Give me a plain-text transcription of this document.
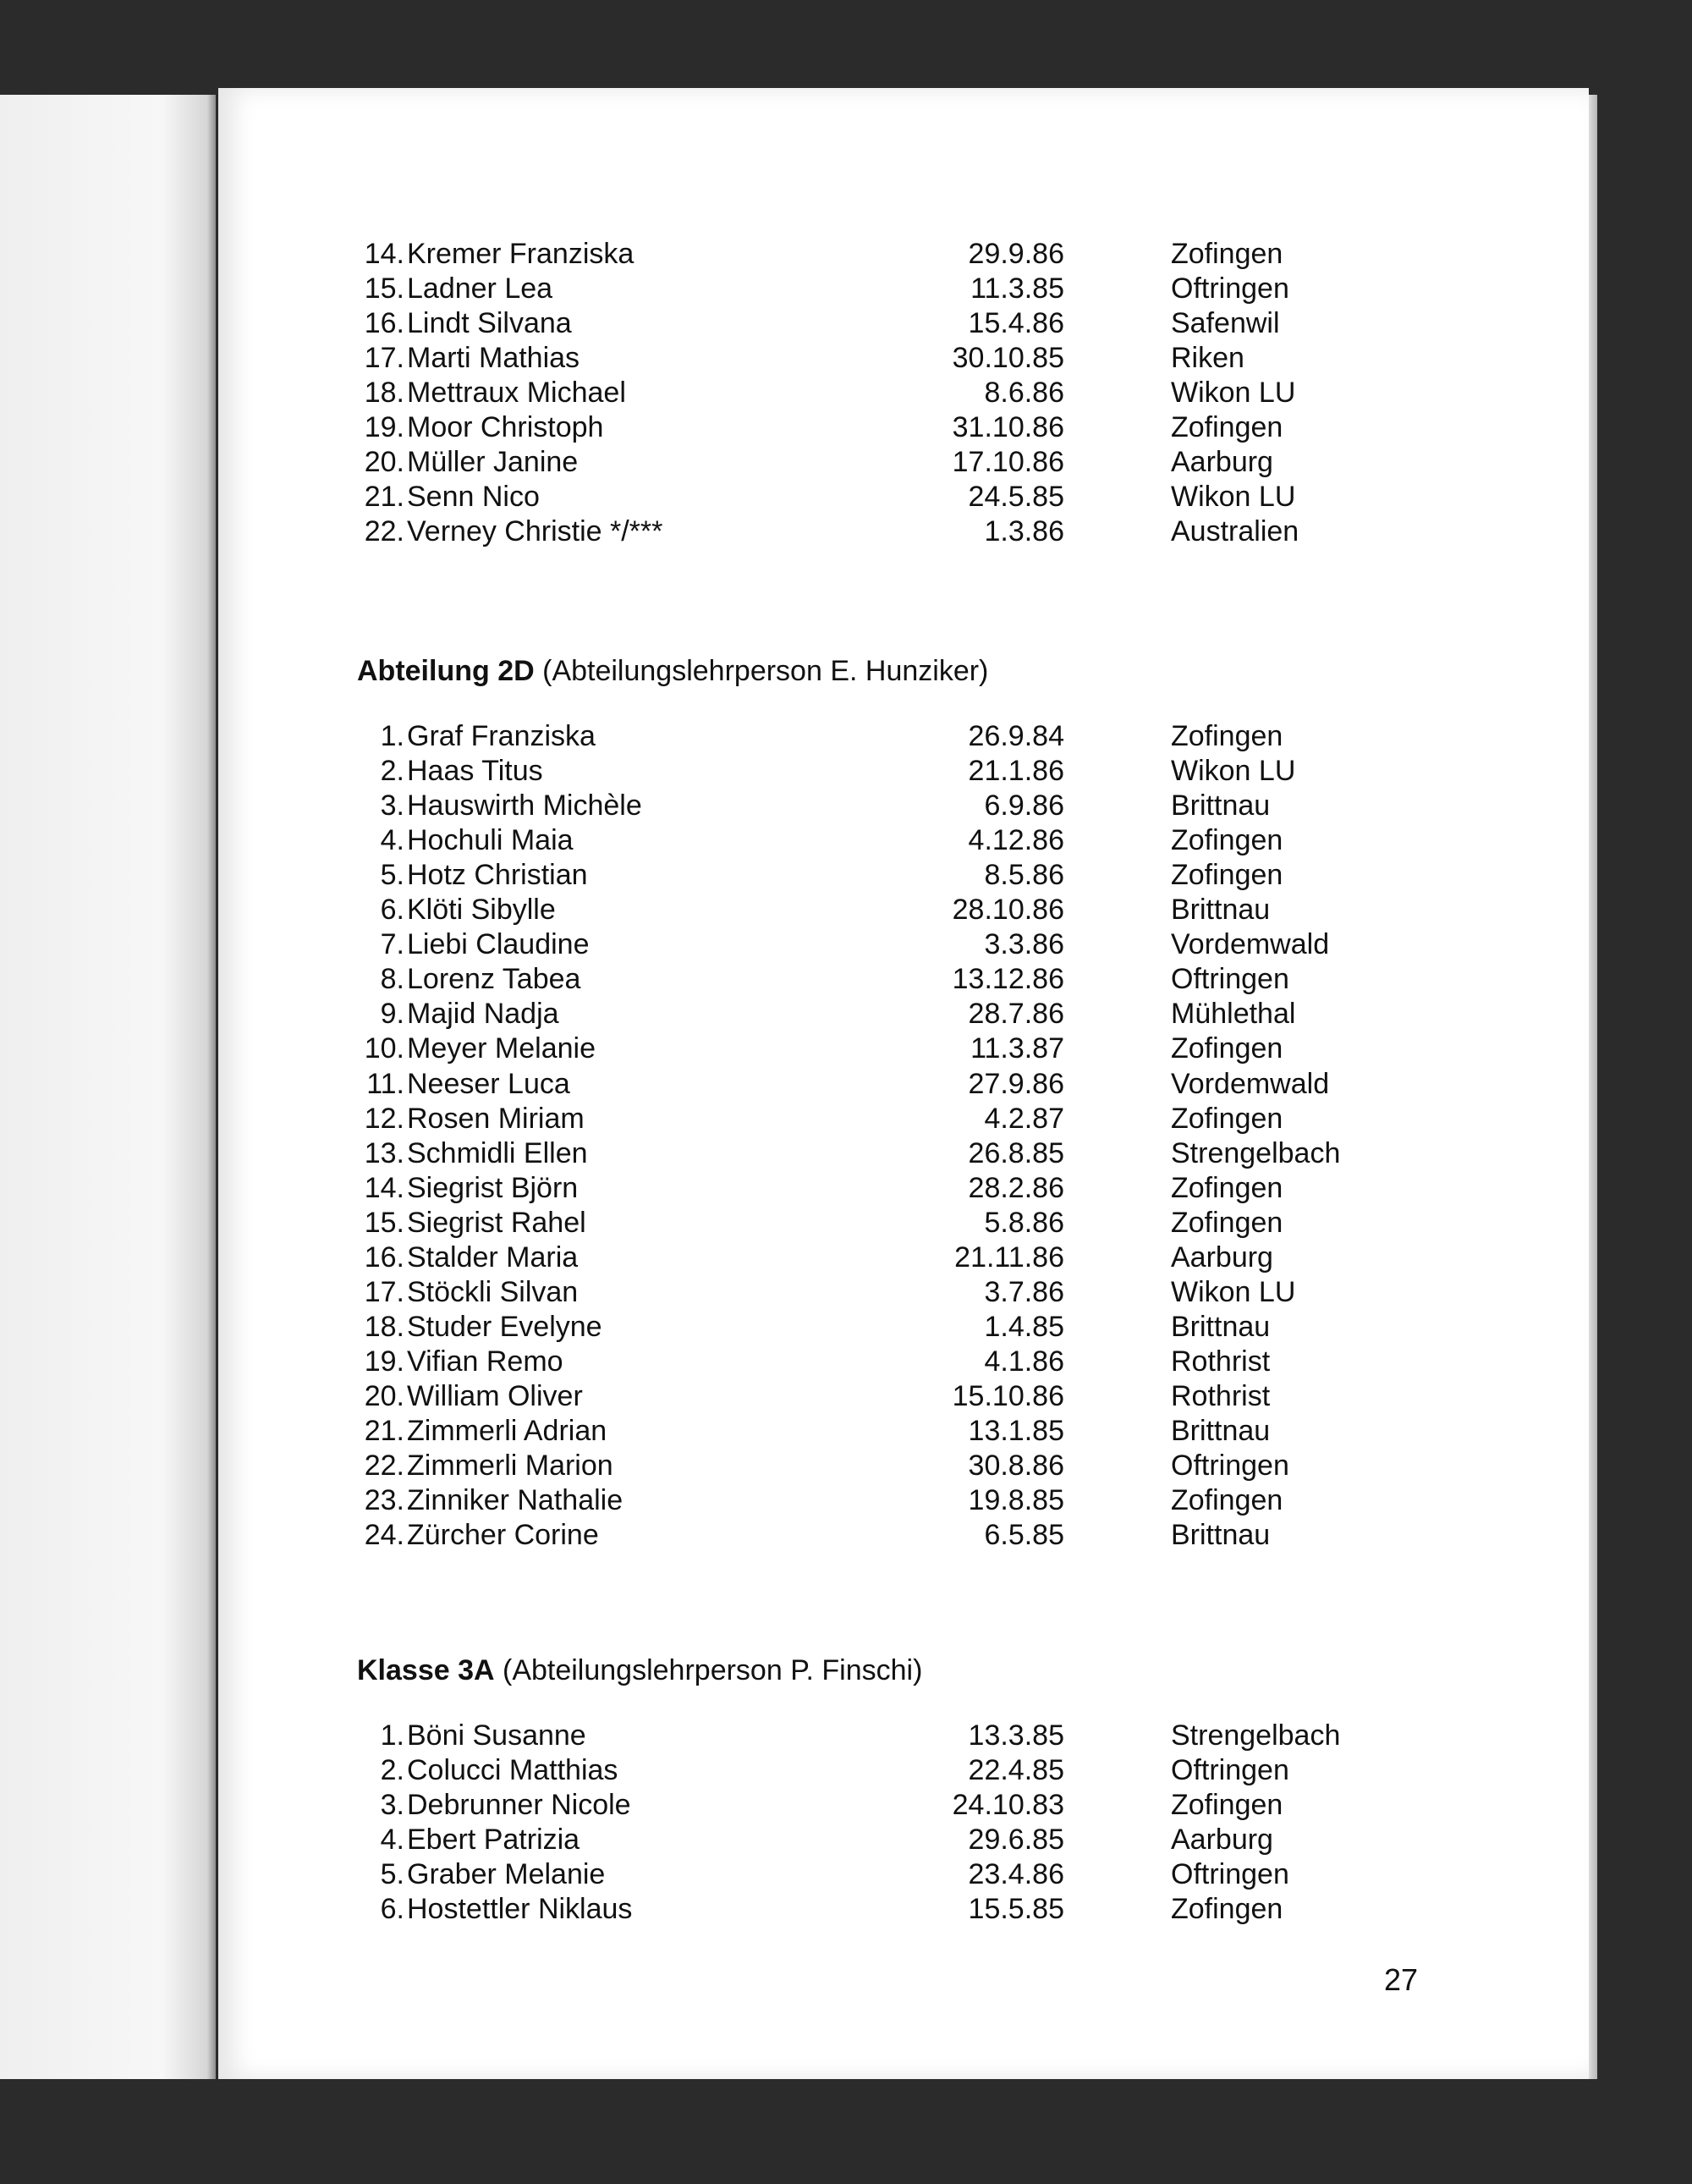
14. Kremer Franziska	29.9.86	Zofingen
15. Ladner Lea	11.3.85	Oftringen
16. Lindt Silvana	15.4.86	Safenwil
17. Marti Mathias	30.10.85	Riken
18. Mettraux Michael	8.6.86	Wikon LU
19. Moor Christoph	31.10.86	Zofingen
20. Müller Janine	17.10.86	Aarburg
21. Senn Nico	24.5.85	Wikon LU
22. Verney Christie */***	1.3.86	Australien
Abteilung 2D (Abteilungslehrperson E. Hunziker)
1. Graf Franziska	26.9.84	Zofingen
2. Haas Titus	21.1.86	Wikon LU
3. Hauswirth Michèle	6.9.86	Brittnau
4. Hochuli Maia	4.12.86	Zofingen
5. Hotz Christian	8.5.86	Zofingen
6. Klöti Sibylle	28.10.86	Brittnau
7. Liebi Claudine	3.3.86	Vordemwald
8. Lorenz Tabea	13.12.86	Oftringen
9. Majid Nadja	28.7.86	Mühlethal
10. Meyer Melanie	11.3.87	Zofingen
11. Neeser Luca	27.9.86	Vordemwald
12. Rosen Miriam	4.2.87	Zofingen
13. Schmidli Ellen	26.8.85	Strengelbach
14. Siegrist Björn	28.2.86	Zofingen
15. Siegrist Rahel	5.8.86	Zofingen
16. Stalder Maria	21.11.86	Aarburg
17. Stöckli Silvan	3.7.86	Wikon LU
18. Studer Evelyne	1.4.85	Brittnau
19. Vifian Remo	4.1.86	Rothrist
20. William Oliver	15.10.86	Rothrist
21. Zimmerli Adrian	13.1.85	Brittnau
22. Zimmerli Marion	30.8.86	Oftringen
23. Zinniker Nathalie	19.8.85	Zofingen
24. Zürcher Corine	6.5.85	Brittnau
Klasse 3A (Abteilungslehrperson P. Finschi)
1. Böni Susanne	13.3.85	Strengelbach
2. Colucci Matthias	22.4.85	Oftringen
3. Debrunner Nicole	24.10.83	Zofingen
4. Ebert Patrizia	29.6.85	Aarburg
5. Graber Melanie	23.4.86	Oftringen
6. Hostettler Niklaus	15.5.85	Zofingen
27
